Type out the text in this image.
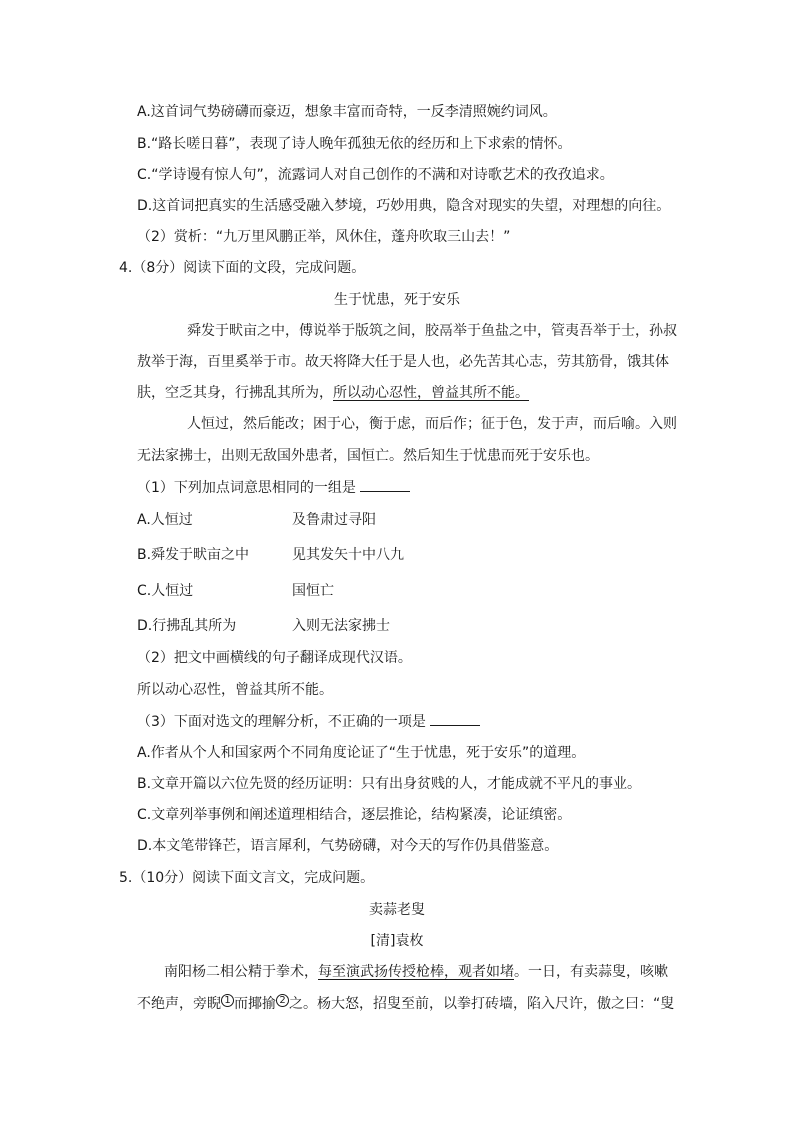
A.这首词气势磅礴而豪迈，想象丰富而奇特，一反李清照婉约词风。
B.“路长嗟日暮”，表现了诗人晚年孤独无依的经历和上下求索的情怀。
C.“学诗谩有惊人句”，流露词人对自己创作的不满和对诗歌艺术的孜孜追求。
D.这首词把真实的生活感受融入梦境，巧妙用典，隐含对现实的失望，对理想的向往。
（2）赏析：“九万里风鹏正举，风休住，蓬舟吹取三山去！”
4.（8分）阅读下面的文段，完成问题。
生于忧患，死于安乐
舜发于畎亩之中，傅说举于版筑之间，胶鬲举于鱼盐之中，管夷吾举于士，孙叔
敖举于海，百里奚举于市。故天将降大任于是人也，必先苦其心志，劳其筋骨，饿其体
肤，空乏其身，行拂乱其所为，所以动心忍性，曾益其所不能。
人恒过，然后能改；困于心，衡于虑，而后作；征于色，发于声，而后喻。入则
无法家拂士，出则无敌国外患者，国恒亡。然后知生于忧患而死于安乐也。
（1）下列加点词意思相同的一组是
A.人恒过	及鲁肃过寻阳
B.舜发于畎亩之中	见其发矢十中八九
C.人恒过	国恒亡
D.行拂乱其所为	入则无法家拂士
（2）把文中画横线的句子翻译成现代汉语。
所以动心忍性，曾益其所不能。
（3）下面对选文的理解分析，不正确的一项是
A.作者从个人和国家两个不同角度论证了“生于忧患，死于安乐”的道理。
B.文章开篇以六位先贤的经历证明：只有出身贫贱的人，才能成就不平凡的事业。
C.文章列举事例和阐述道理相结合，逐层推论，结构紧凑，论证缜密。
D.本文笔带锋芒，语言犀利，气势磅礴，对今天的写作仍具借鉴意。
5.（10分）阅读下面文言文，完成问题。
卖蒜老叟
[清]袁枚
南阳杨二相公精于拳术，每至演武扬传授枪棒，观者如堵。一日，有卖蒜叟，咳嗽
不绝声，旁睨 $^1$ 而揶揄 $^2$ 之。杨大怒，招叟至前，以拳打砖墙，陷入尺许，傲之曰：“叟
